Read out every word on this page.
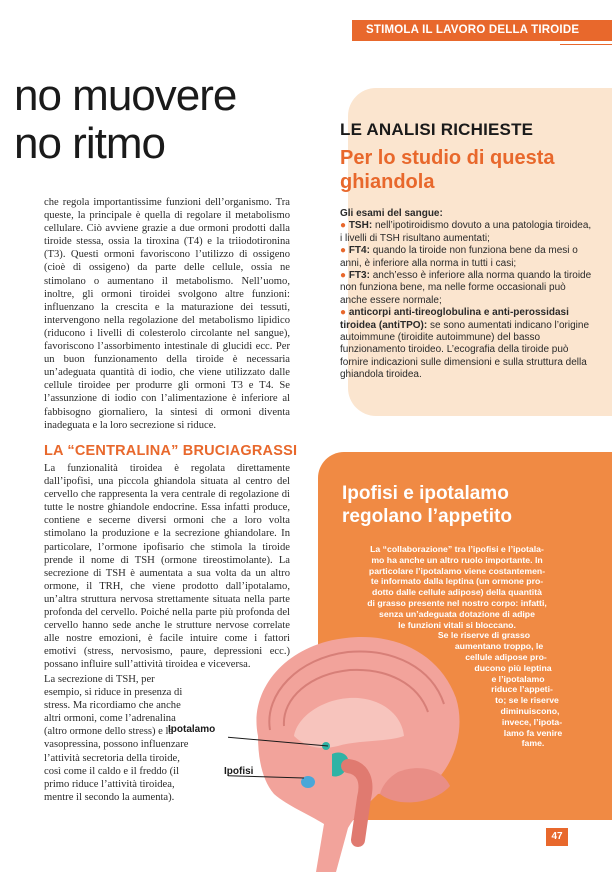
STIMOLA IL LAVORO DELLA TIROIDE
no muovere
no ritmo

che regola importantissime funzioni dell’organismo. Tra queste, la principale è quella di regolare il metabolismo cellulare. Ciò avviene grazie a due ormoni prodotti dalla tiroide stessa, ossia la tiroxina (T4) e la triiodotironina (T3). Questi ormoni favoriscono l’utilizzo di ossigeno (cioè di ossigeno) da parte delle cellule, ossia ne stimolano o aumentano il metabolismo. Nell’uomo, inoltre, gli ormoni tiroidei svolgono altre funzioni: influenzano la crescita e la maturazione dei tessuti, intervengono nella regolazione del metabolismo lipidico (riducono i livelli di colesterolo circolante nel sangue), favoriscono l’assorbimento intestinale di glucidi ecc. Per un buon funzionamento della tiroide è necessaria un’adeguata quantità di iodio, che viene utilizzato dalle cellule tiroidee per produrre gli ormoni T3 e T4. Se l’assunzione di iodio con l’alimentazione è inferiore al fabbisogno giornaliero, la sintesi di ormoni diventa inadeguata e la loro secrezione si riduce.

LA “CENTRALINA” BRUCIAGRASSI

La funzionalità tiroidea è regolata direttamente dall’ipofisi, una piccola ghiandola situata al centro del cervello che rappresenta la vera centrale di regolazione di tutte le nostre ghiandole endocrine. Essa infatti produce, contiene e secerne diversi ormoni che a loro volta stimolano la produzione e la secrezione ghiandolare. In particolare, l’ormone ipofisario che stimola la tiroide prende il nome di TSH (ormone tireostimolante). La secrezione di TSH è aumentata a sua volta da un altro ormone, il TRH, che viene prodotto dall’ipotalamo, un’altra struttura nervosa strettamente situata nella parte profonda del cervello. Poiché nella parte più profonda del cervello hanno sede anche le strutture nervose correlate alle nostre emozioni, è facile intuire come i fattori emotivi (stress, nervosismo, paure, depressioni ecc.) possano influire sull’attività tiroidea e viceversa.

La secrezione di TSH, per esempio, si riduce in presenza di stress. Ma ricordiamo che anche altri ormoni, come l’adrenalina (altro ormone dello stress) e la vasopressina, possono influenzare l’attività secretoria della tiroide, così come il caldo e il freddo (il primo riduce l’attività tiroidea, mentre il secondo la aumenta).

LE ANALISI RICHIESTE
Per lo studio di questa ghiandola
Gli esami del sangue:
● TSH: nell’ipotiroidismo dovuto a una patologia tiroidea, i livelli di TSH risultano aumentati;
● FT4: quando la tiroide non funziona bene da mesi o anni, è inferiore alla norma in tutti i casi;
● FT3: anch’esso è inferiore alla norma quando la tiroide non funziona bene, ma nelle forme occasionali può anche essere normale;
● anticorpi anti-tireoglobulina e anti-perossidasi tiroidea (antiTPO): se sono aumentati indicano l’origine autoimmune (tiroidite autoimmune) del basso funzionamento tiroideo. L’ecografia della tiroide può fornire indicazioni sulle dimensioni e sulla struttura della ghiandola tiroidea.
Ipofisi e ipotalamo regolano l’appetito
La “collaborazione” tra l’ipofisi e l’ipotala-
mo ha anche un altro ruolo importante. In
particolare l’ipotalamo viene costantemen-
te informato dalla leptina (un ormone pro-
dotto dalle cellule adipose) della quantità
di grasso presente nel nostro corpo: infatti,
senza un’adeguata dotazione di adipe
le funzioni vitali si bloccano.
Se le riserve di grasso
aumentano troppo, le
cellule adipose pro-
ducono più leptina
e l’ipotalamo
riduce l’appeti-
to; se le riserve
diminuiscono,
invece, l’ipota-
lamo fa venire
fame.
Ipotalamo
Ipofisi
47
